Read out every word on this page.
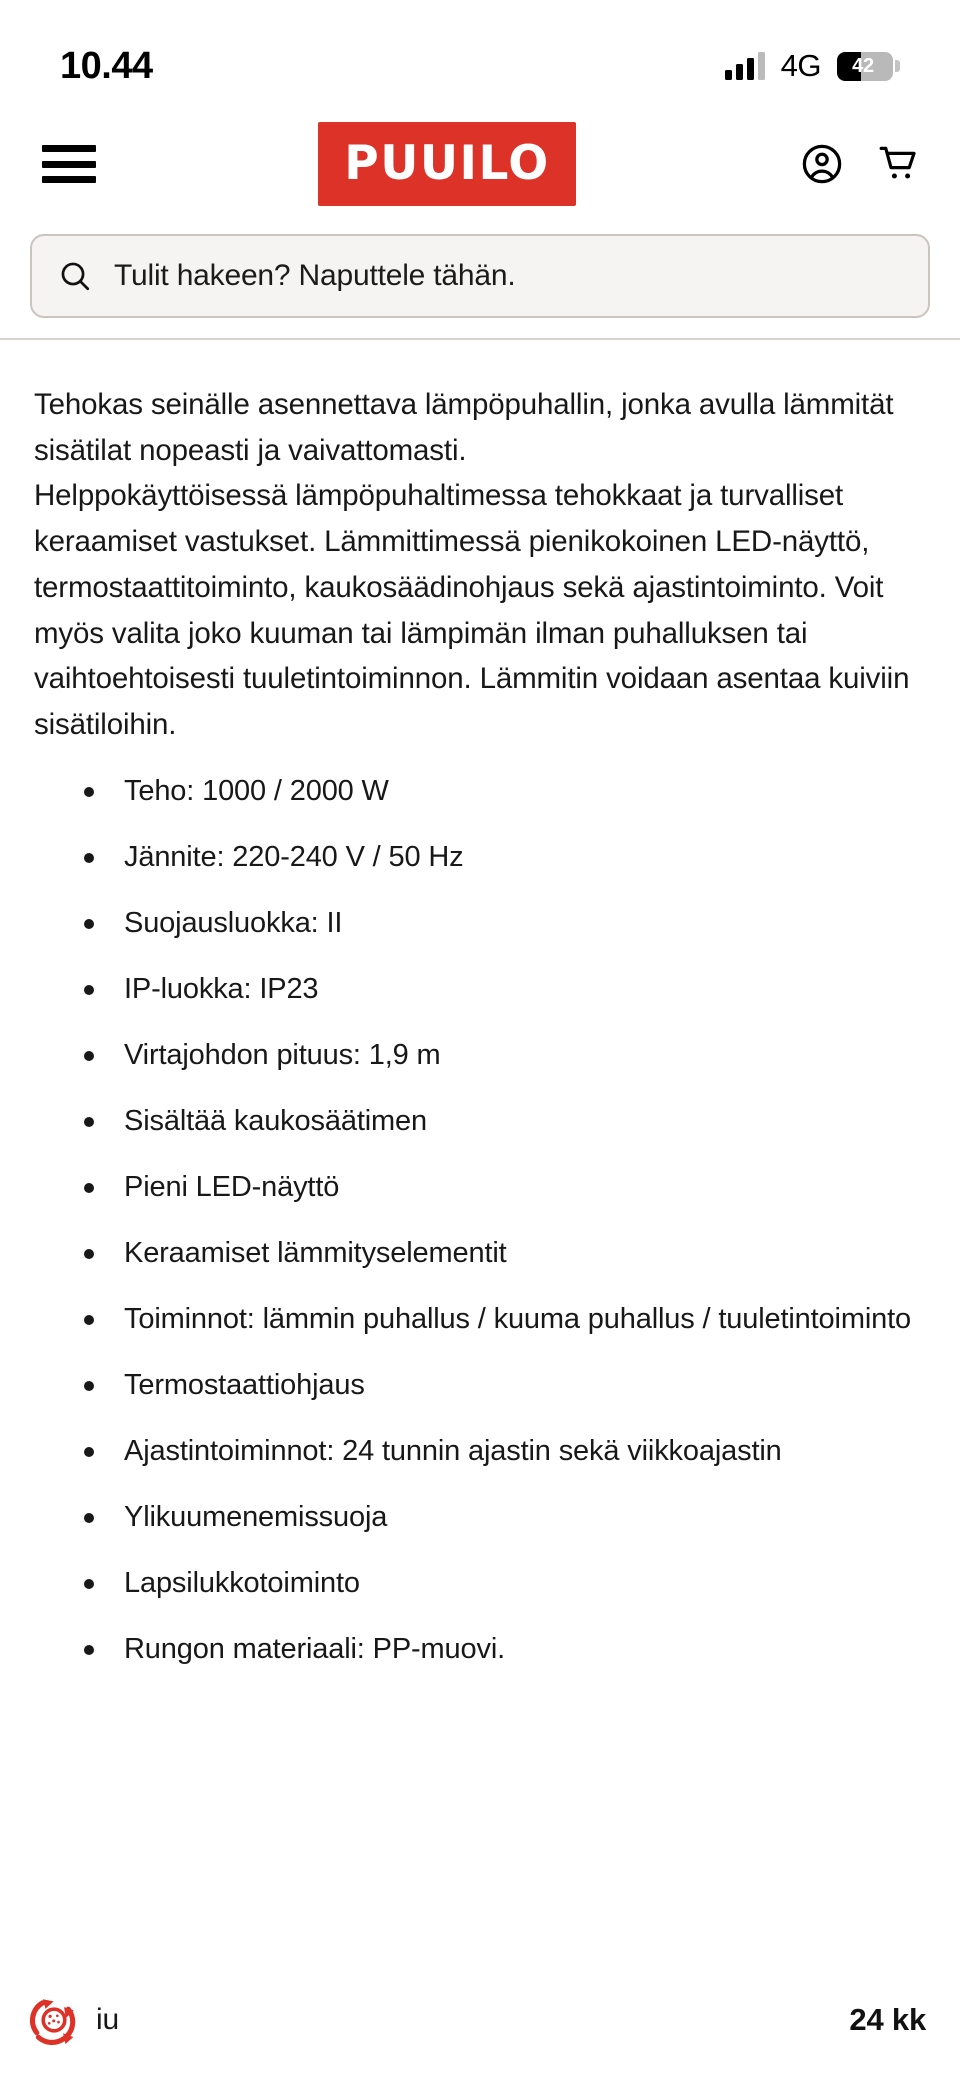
10.44	4G	42
PUUILO
Tulit hakeen? Naputtele tähän.

Tehokas seinälle asennettava lämpöpuhallin, jonka avulla lämmität sisätilat nopeasti ja vaivattomasti.

Helppokäyttöisessä lämpöpuhaltimessa tehokkaat ja turvalliset keraamiset vastukset. Lämmittimessä pienikokoinen LED-näyttö, termostaattitoiminto, kaukosäädinohjaus sekä ajastintoiminto. Voit myös valita joko kuuman tai lämpimän ilman puhalluksen tai vaihtoehtoisesti tuuletintoiminnon. Lämmitin voidaan asentaa kuiviin sisätiloihin.

Teho: 1000 / 2000 W
Jännite: 220-240 V / 50 Hz
Suojausluokka: II
IP-luokka: IP23
Virtajohdon pituus: 1,9 m
Sisältää kaukosäätimen
Pieni LED-näyttö
Keraamiset lämmityselementit
Toiminnot: lämmin puhallus / kuuma puhallus / tuuletintoiminto
Termostaattiohjaus
Ajastintoiminnot: 24 tunnin ajastin sekä viikkoajastin
Ylikuumenemissuoja
Lapsilukkotoiminto
Rungon materiaali: PP-muovi.
iu	24 kk
